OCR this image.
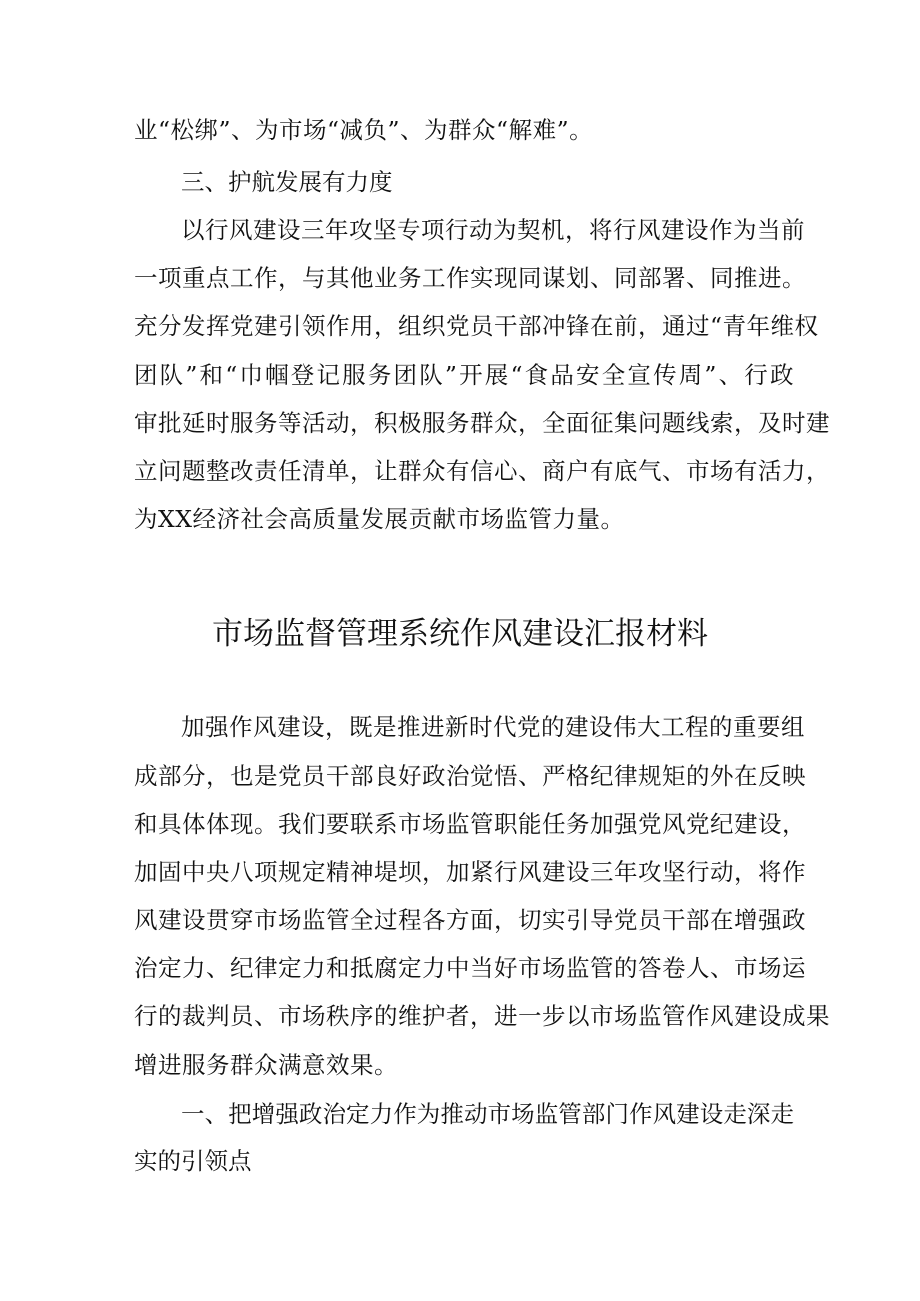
业“松绑”、为市场“减负”、为群众“解难”。
三、护航发展有力度
以行风建设三年攻坚专项行动为契机，将行风建设作为当前
一项重点工作，与其他业务工作实现同谋划、同部署、同推进。
充分发挥党建引领作用，组织党员干部冲锋在前，通过“青年维权
团队”和“巾帼登记服务团队”开展“食品安全宣传周”、行政
审批延时服务等活动，积极服务群众，全面征集问题线索，及时建
立问题整改责任清单，让群众有信心、商户有底气、市场有活力，
为XX经济社会高质量发展贡献市场监管力量。
市场监督管理系统作风建设汇报材料
加强作风建设，既是推进新时代党的建设伟大工程的重要组
成部分，也是党员干部良好政治觉悟、严格纪律规矩的外在反映
和具体体现。我们要联系市场监管职能任务加强党风党纪建设，
加固中央八项规定精神堤坝，加紧行风建设三年攻坚行动，将作
风建设贯穿市场监管全过程各方面，切实引导党员干部在增强政
治定力、纪律定力和抵腐定力中当好市场监管的答卷人、市场运
行的裁判员、市场秩序的维护者，进一步以市场监管作风建设成果
增进服务群众满意效果。
一、把增强政治定力作为推动市场监管部门作风建设走深走
实的引领点
